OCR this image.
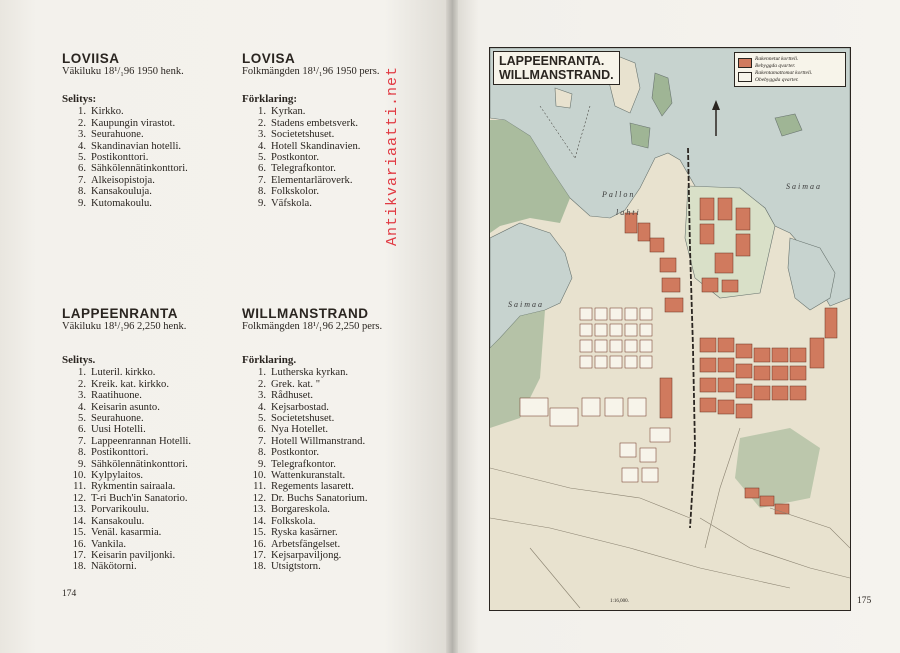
LOVIISA
Väkiluku 18¹/₁96 1950 henk.
Selitys:
1. Kirkko.
2. Kaupungin virastot.
3. Seurahuone.
4. Skandinavian hotelli.
5. Postikonttori.
6. Sähkölennätinkonttori.
7. Alkeisopistoja.
8. Kansakouluja.
9. Kutomakoulu.
LOVISA
Folkmängden 18¹/₁96 1950 pers.
Förklaring:
1. Kyrkan.
2. Stadens embetsverk.
3. Societetshuset.
4. Hotell Skandinavien.
5. Postkontor.
6. Telegrafkontor.
7. Elementarläroverk.
8. Folkskolor.
9. Väfskola.
LAPPEENRANTA
Väkiluku 18¹/₁96 2,250 henk.
Selitys.
1. Luteril. kirkko.
2. Kreik. kat. kirkko.
3. Raatihuone.
4. Keisarin asunto.
5. Seurahuone.
6. Uusi Hotelli.
7. Lappeenrannan Hotelli.
8. Postikonttori.
9. Sähkölennätinkonttori.
10. Kylpylaitos.
11. Rykmentin sairaala.
12. T-ri Buch'in Sanatorio.
13. Porvarikoulu.
14. Kansakoulu.
15. Venäl. kasarmia.
16. Vankila.
17. Keisarin paviljonki.
18. Näkötorni.
WILLMANSTRAND
Folkmängden 18¹/₁96 2,250 pers.
Förklaring.
1. Lutherska kyrkan.
2. Grek. kat. "
3. Rådhuset.
4. Kejsarbostad.
5. Societetshuset.
6. Nya Hotellet.
7. Hotell Willmanstrand.
8. Postkontor.
9. Telegrafkontor.
10. Wattenkuranstalt.
11. Regements lasarett.
12. Dr. Buchs Sanatorium.
13. Borgareskola.
14. Folkskola.
15. Ryska kasärner.
16. Arbetsfängelset.
17. Kejsarpaviljong.
18. Utsigtstorn.
174
Antikvariaatti.net
175
LAPPEENRANTA.
WILLMANSTRAND.
Rakennetut kortteli.
Bebyggda qvarter.
Rakentamattomat kortteli.
Obebyggda qvarter.
Saimaa
Saimaa
Pallon
lahti
1:16,000.
